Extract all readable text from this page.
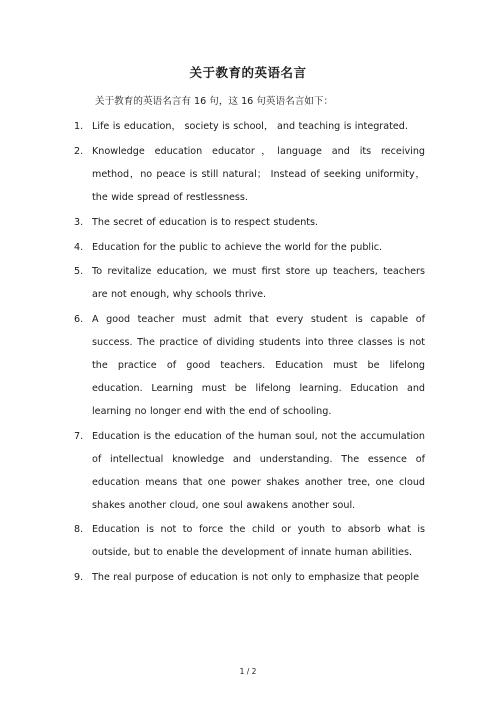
关于教育的英语名言
关于教育的英语名言有 16 句，这 16 句英语名言如下：
1. Life is education， society is school， and teaching is integrated.
2. Knowledge education educator，language and its receiving method，no peace is still natural； Instead of seeking uniformity， the wide spread of restlessness.
3. The secret of education is to respect students.
4. Education for the public to achieve the world for the public.
5. To revitalize education, we must first store up teachers, teachers are not enough, why schools thrive.
6. A good teacher must admit that every student is capable of success. The practice of dividing students into three classes is not the practice of good teachers. Education must be lifelong education. Learning must be lifelong learning. Education and learning no longer end with the end of schooling.
7. Education is the education of the human soul, not the accumulation of intellectual knowledge and understanding. The essence of education means that one power shakes another tree, one cloud shakes another cloud, one soul awakens another soul.
8. Education is not to force the child or youth to absorb what is outside, but to enable the development of innate human abilities.
9. The real purpose of education is not only to emphasize that people
1 / 2
